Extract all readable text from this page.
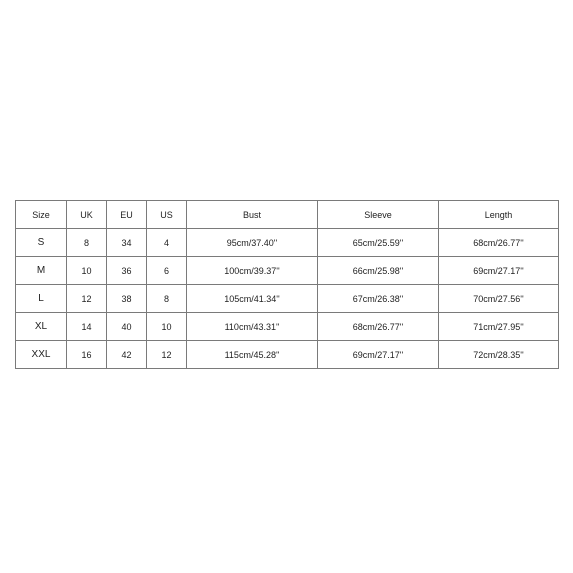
Size	UK	EU	US	Bust	Sleeve	Length
S	8	34	4	95cm/37.40''	65cm/25.59''	68cm/26.77''
M	10	36	6	100cm/39.37''	66cm/25.98''	69cm/27.17''
L	12	38	8	105cm/41.34''	67cm/26.38''	70cm/27.56''
XL	14	40	10	110cm/43.31''	68cm/26.77''	71cm/27.95''
XXL	16	42	12	115cm/45.28''	69cm/27.17''	72cm/28.35''
